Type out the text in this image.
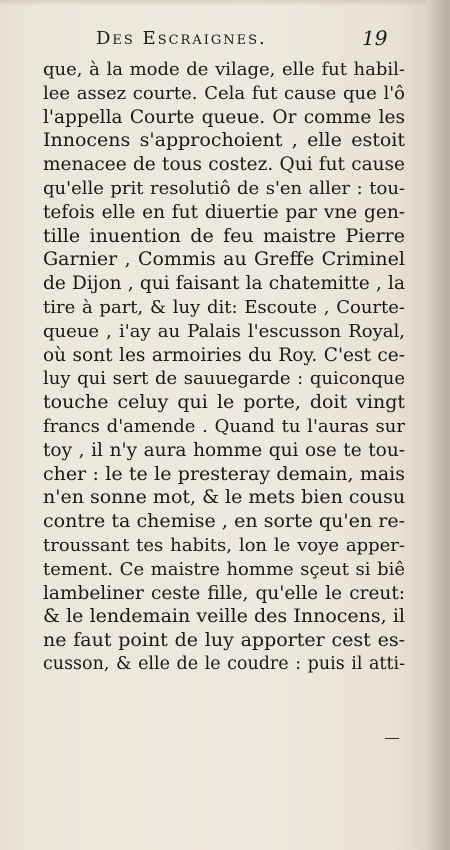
Des Escraignes.	19
que, à la mode de vilage, elle fut habil-
lee assez courte. Cela fut cause que l'ô
l'appella Courte queue. Or comme les
Innocens s'approchoient , elle estoit
menacee de tous costez. Qui fut cause
qu'elle prit resolutiô de s'en aller : tou-
tefois elle en fut diuertie par vne gen-
tille inuention de feu maistre Pierre
Garnier , Commis au Greffe Criminel
de Dijon , qui faisant la chatemitte , la
tire à part, & luy dit: Escoute , Courte-
queue , i'ay au Palais l'escusson Royal,
où sont les armoiries du Roy. C'est ce-
luy qui sert de sauuegarde : quiconque
touche celuy qui le porte, doit vingt
francs d'amende . Quand tu l'auras sur
toy , il n'y aura homme qui ose te tou-
cher : le te le presteray demain, mais
n'en sonne mot, & le mets bien cousu
contre ta chemise , en sorte qu'en re-
troussant tes habits, lon le voye apper-
tement. Ce maistre homme sçeut si biê
lambeliner ceste fille, qu'elle le creut:
& le lendemain veille des Innocens, il
ne faut point de luy apporter cest es-
cusson, & elle de le coudre : puis il atti-
